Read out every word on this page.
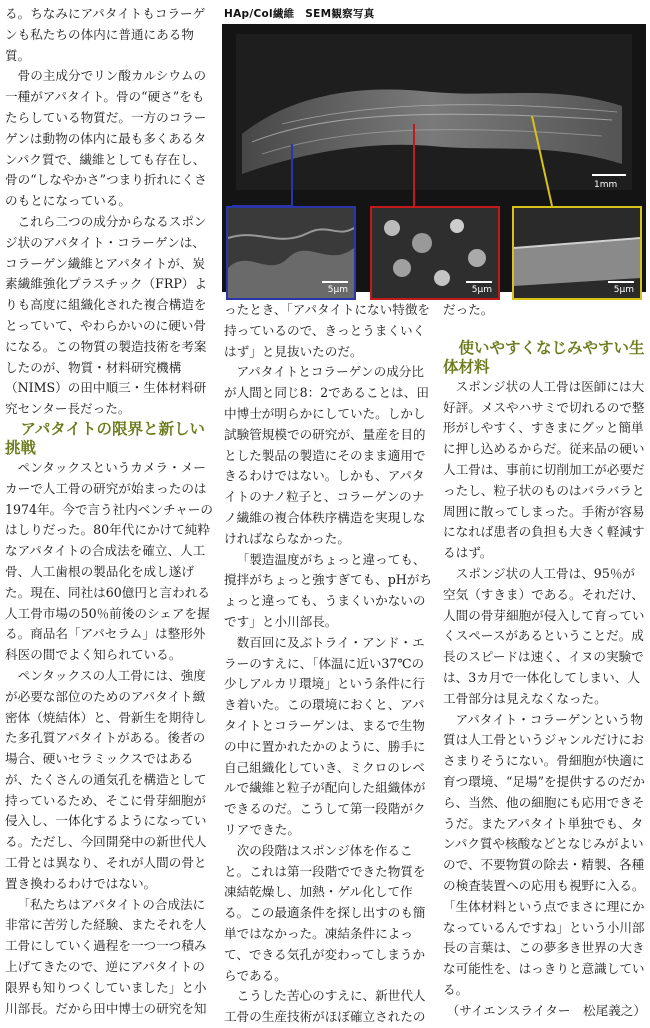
る。ちなみにアパタイトもコラーゲンも私たちの体内に普通にある物質。

骨の主成分でリン酸カルシウムの一種がアパタイト。骨の“硬さ”をもたらしている物質だ。一方のコラーゲンは動物の体内に最も多くあるタンパク質で、繊維としても存在し、骨の“しなやかさ”つまり折れにくさのもとになっている。

これら二つの成分からなるスポンジ状のアパタイト・コラーゲンは、コラーゲン繊維とアパタイトが、炭素繊維強化プラスチック（FRP）よりも高度に組織化された複合構造をとっていて、やわらかいのに硬い骨になる。この物質の製造技術を考案したのが、物質・材料研究機構（NIMS）の田中順三・生体材料研究センター長だった。

アパタイトの限界と新しい挑戦

ペンタックスというカメラ・メーカーで人工骨の研究が始まったのは1974年。今で言う社内ベンチャーのはしりだった。80年代にかけて純粋なアパタイトの合成法を確立、人工骨、人工歯根の製品化を成し遂げた。現在、同社は60億円と言われる人工骨市場の50％前後のシェアを握る。商品名「アパセラム」は整形外科医の間でよく知られている。

ペンタックスの人工骨には、強度が必要な部位のためのアパタイト緻密体（焼結体）と、骨新生を期待した多孔質アパタイトがある。後者の場合、硬いセラミックスではあるが、たくさんの通気孔を構造として持っているため、そこに骨芽細胞が侵入し、一体化するようになっている。ただし、今回開発中の新世代人工骨とは異なり、それが人間の骨と置き換わるわけではない。

「私たちはアパタイトの合成法に非常に苦労した経験、またそれを人工骨にしていく過程を一つ一つ積み上げてきたので、逆にアパタイトの限界も知りつくしていました」と小川部長。だから田中博士の研究を知

HAp/Col繊維　SEM観察写真
1mm
5μm	5μm	5μm

ったとき、「アパタイトにない特徴を持っているので、きっとうまくいくはず」と見抜いたのだ。

アパタイトとコラーゲンの成分比が人間と同じ8：2であることは、田中博士が明らかにしていた。しかし試験管規模での研究が、量産を目的とした製品の製造にそのまま適用できるわけではない。しかも、アパタイトのナノ粒子と、コラーゲンのナノ繊維の複合体秩序構造を実現しなければならなかった。

「製造温度がちょっと違っても、撹拌がちょっと強すぎても、pHがちょっと違っても、うまくいかないのです」と小川部長。

数百回に及ぶトライ・アンド・エラーのすえに、「体温に近い37℃の少しアルカリ環境」という条件に行き着いた。この環境におくと、アパタイトとコラーゲンは、まるで生物の中に置かれたかのように、勝手に自己組織化していき、ミクロのレベルで繊維と粒子が配向した組織体ができるのだ。こうして第一段階がクリアできた。

次の段階はスポンジ体を作ること。これは第一段階でできた物質を凍結乾燥し、加熱・ゲル化して作る。この最適条件を探し出すのも簡単ではなかった。凍結条件によって、できる気孔が変わってしまうからである。

こうした苦心のすえに、新世代人工骨の生産技術がほぼ確立されたの

だった。

使いやすくなじみやすい生体材料

スポンジ状の人工骨は医師には大好評。メスやハサミで切れるので整形がしやすく、すきまにグッと簡単に押し込めるからだ。従来品の硬い人工骨は、事前に切削加工が必要だったし、粒子状のものはバラバラと周囲に散ってしまった。手術が容易になれば患者の負担も大きく軽減するはず。

スポンジ状の人工骨は、95％が空気（すきま）である。それだけ、人間の骨芽細胞が侵入して育っていくスペースがあるということだ。成長のスピードは速く、イヌの実験では、3カ月で一体化してしまい、人工骨部分は見えなくなった。

アパタイト・コラーゲンという物質は人工骨というジャンルだけにおさまりそうにない。骨細胞が快適に育つ環境、“足場”を提供するのだから、当然、他の細胞にも応用できそうだ。またアパタイト単独でも、タンパク質や核酸などとなじみがよいので、不要物質の除去・精製、各種の検査装置への応用も視野に入る。「生体材料という点でまさに理にかなっているんですね」という小川部長の言葉は、この夢多き世界の大きな可能性を、はっきりと意識している。

（サイエンスライター　松尾義之）
